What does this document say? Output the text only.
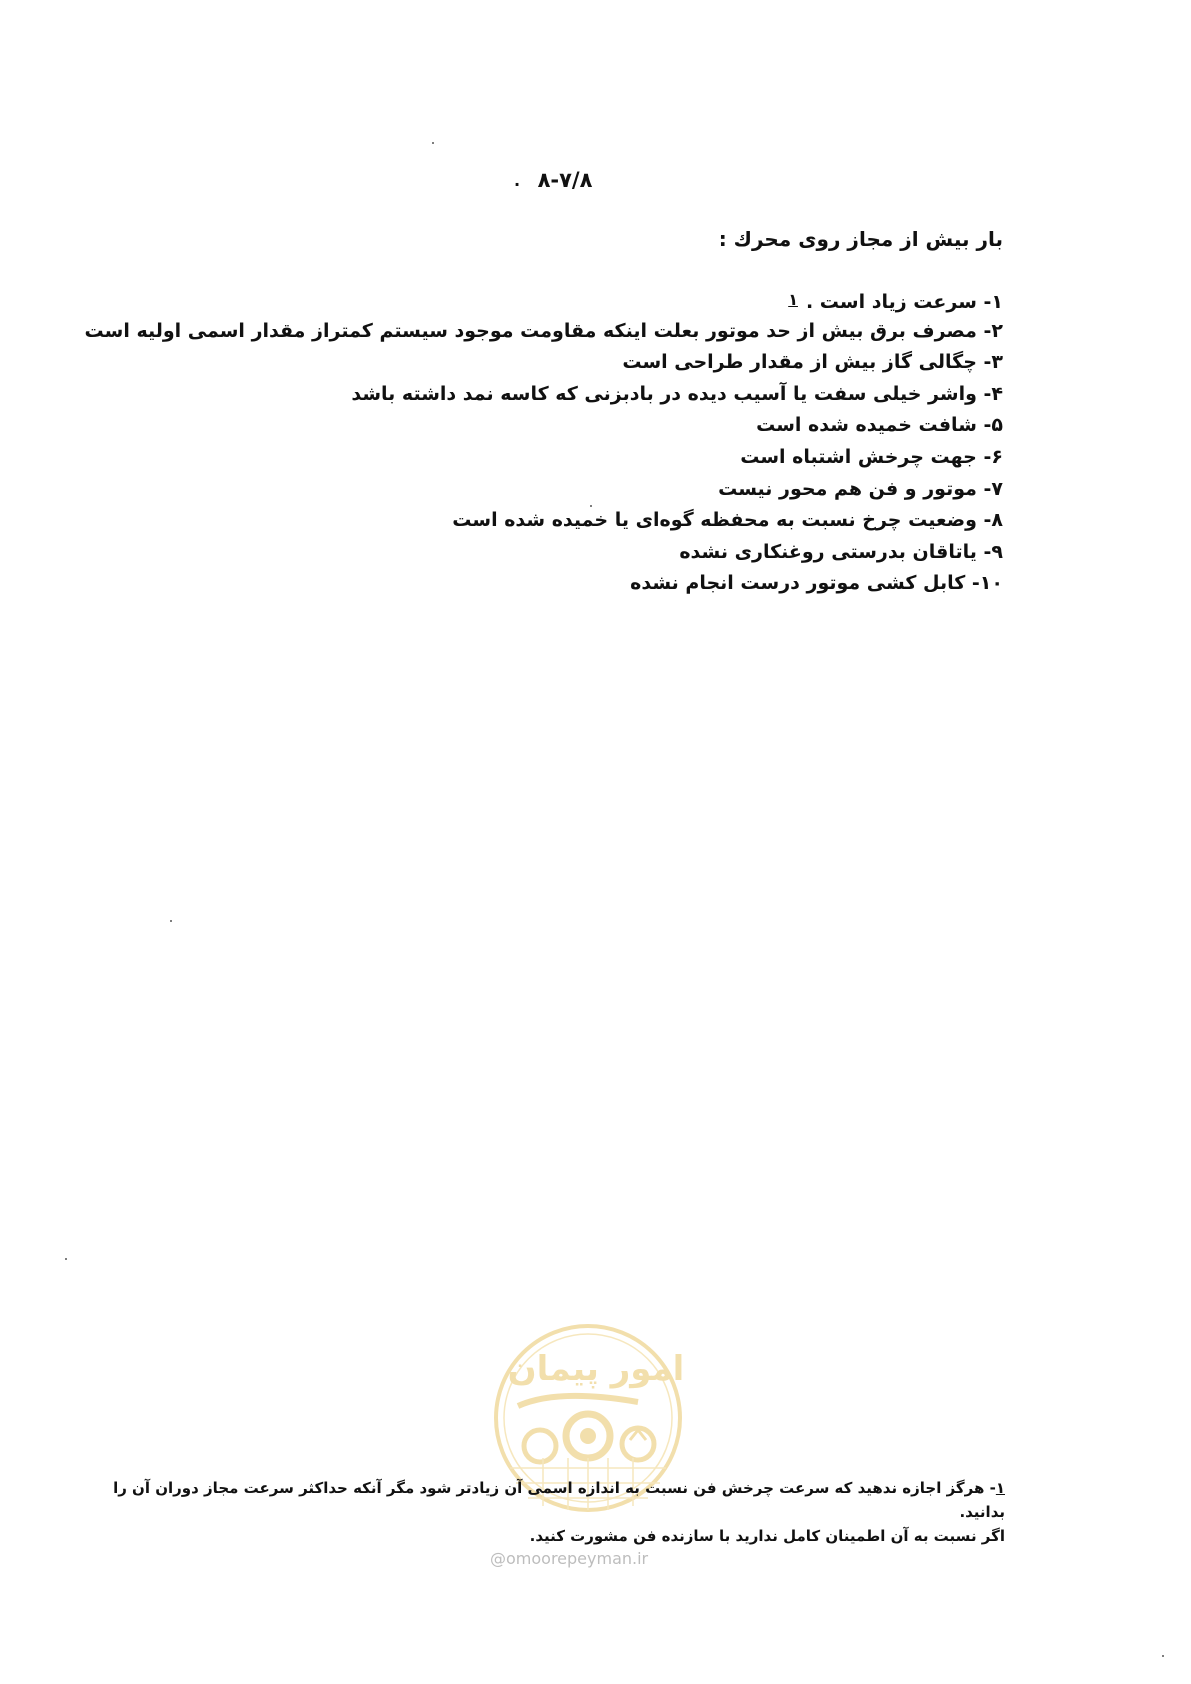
. ۸-۷/۸
بار بیش از مجاز روی محرك :
۱- سرعت زیاد است .۱
۲- مصرف برق بیش از حد موتور بعلت اینکه مقاومت موجود سیستم کمتراز مقدار اسمی اولیه است
۳- چگالی گاز بیش از مقدار طراحی است
۴- واشر خیلی سفت یا آسیب دیده در بادبزنی که کاسه نمد داشته باشد
۵- شافت خمیده شده است
۶- جهت چرخش اشتباه است
۷- موتور و فن هم محور نیست
۸- وضعیت چرخ نسبت به محفظه گوه‌ای یا خمیده شده است
۹- یاتاقان بدرستی روغنکاری نشده
۱۰- کابل کشی موتور درست انجام نشده
امور پیمان
۱- هرگز اجازه ندهید که سرعت چرخش فن نسبت به اندازه اسمی آن زیادتر شود مگر آنکه حداکثر سرعت مجاز دوران آن را بدانید.
اگر نسبت به آن اطمینان کامل ندارید با سازنده فن مشورت کنید.
@omoorepeyman.ir
